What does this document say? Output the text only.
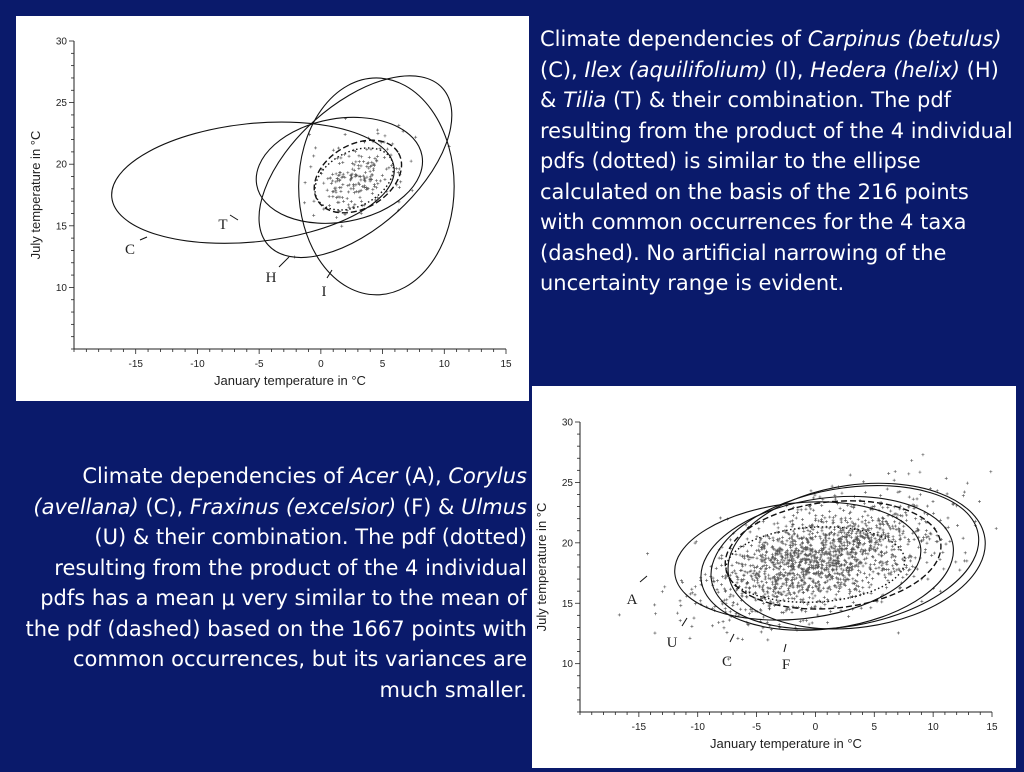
-15	-10	-5	0	5	10	15
10
15
20
25
30
January temperature in °C
July temperature in °C	T
C
H
I
-15	-10	-5	0	5	10	15
10
15
20
25
30
January temperature in °C
July temperature in °C	A
U
C	F
Climate dependencies of Carpinus (betulus) (C), Ilex (aquilifolium) (I), Hedera (helix) (H) & Tilia (T) & their combination. The pdf resulting from the product of the 4 individual pdfs (dotted) is similar to the ellipse calculated on the basis of the 216 points with common occurrences for the 4 taxa (dashed). No artificial narrowing of the uncertainty range is evident.
Climate dependencies of Acer (A), Corylus (avellana) (C), Fraxinus (excelsior) (F) & Ulmus (U) & their combination. The pdf (dotted) resulting from the product of the 4 individual pdfs has a mean μ very similar to the mean of the pdf (dashed) based on the 1667 points with common occurrences, but its variances are much smaller.
